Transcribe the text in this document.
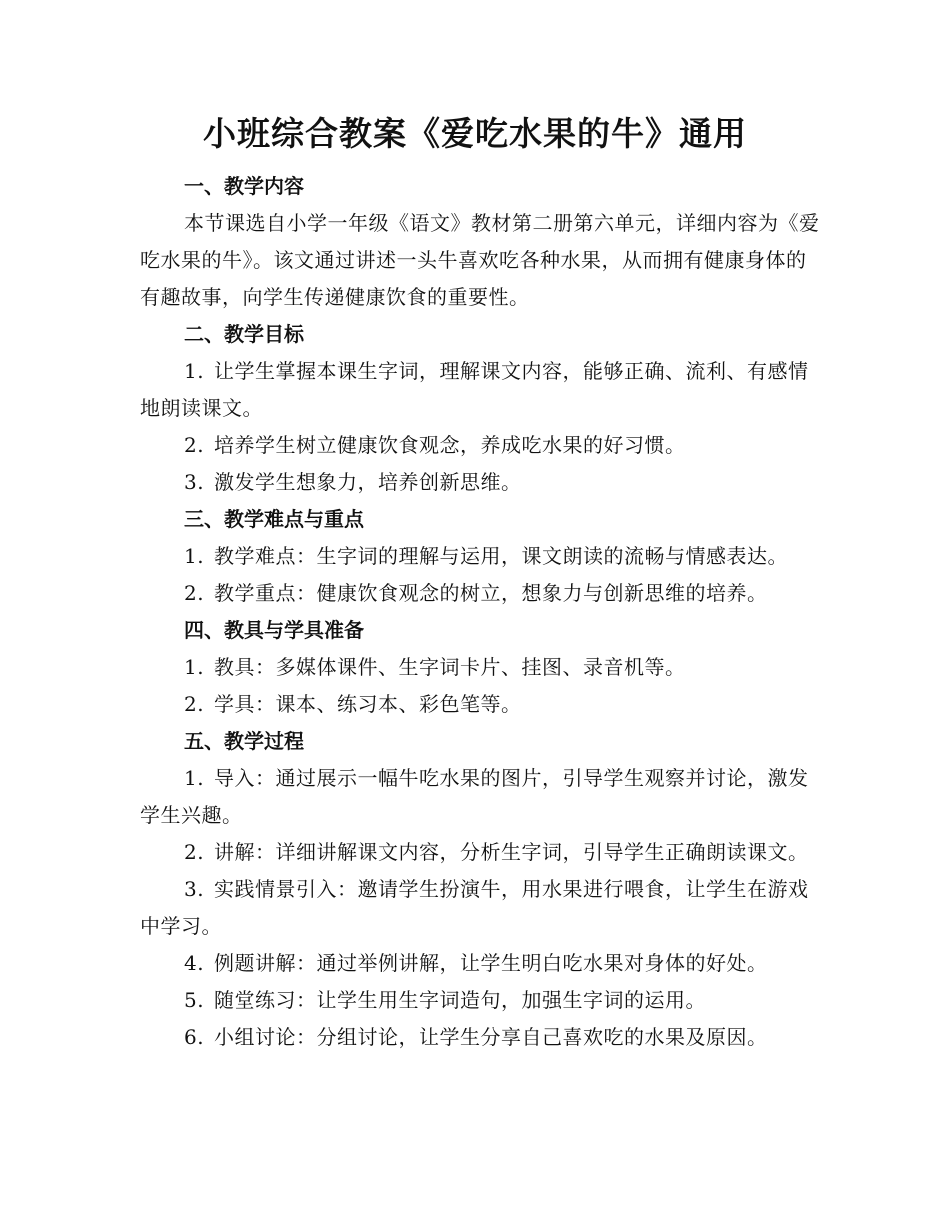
小班综合教案《爱吃水果的牛》通用

一、教学内容

本节课选自小学一年级《语文》教材第二册第六单元，详细内容为《爱吃水果的牛》。该文通过讲述一头牛喜欢吃各种水果，从而拥有健康身体的有趣故事，向学生传递健康饮食的重要性。

二、教学目标

1. 让学生掌握本课生字词，理解课文内容，能够正确、流利、有感情地朗读课文。

2. 培养学生树立健康饮食观念，养成吃水果的好习惯。

3. 激发学生想象力，培养创新思维。

三、教学难点与重点

1. 教学难点：生字词的理解与运用，课文朗读的流畅与情感表达。

2. 教学重点：健康饮食观念的树立，想象力与创新思维的培养。

四、教具与学具准备

1. 教具：多媒体课件、生字词卡片、挂图、录音机等。

2. 学具：课本、练习本、彩色笔等。

五、教学过程

1. 导入：通过展示一幅牛吃水果的图片，引导学生观察并讨论，激发学生兴趣。

2. 讲解：详细讲解课文内容，分析生字词，引导学生正确朗读课文。

3. 实践情景引入：邀请学生扮演牛，用水果进行喂食，让学生在游戏中学习。

4. 例题讲解：通过举例讲解，让学生明白吃水果对身体的好处。

5. 随堂练习：让学生用生字词造句，加强生字词的运用。

6. 小组讨论：分组讨论，让学生分享自己喜欢吃的水果及原因。
